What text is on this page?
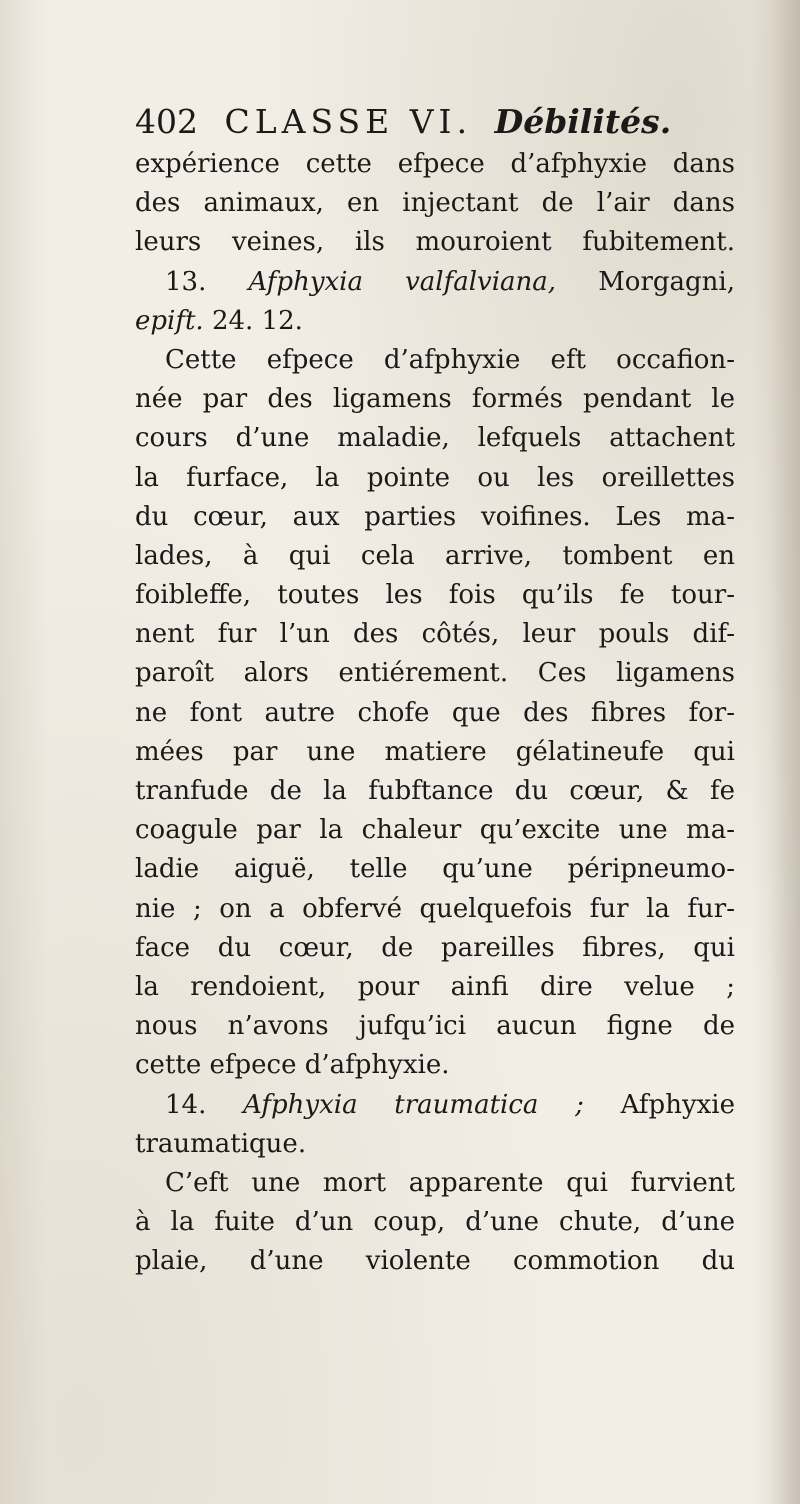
402 CLASSE VI. Débilités.
expérience cette efpece d’afphyxie dans
des animaux, en injectant de l’air dans
leurs veines, ils mouroient fubitement.
13. Afphyxia valfalviana, Morgagni,
epift. 24. 12.
Cette efpece d’afphyxie eft occafion-
née par des ligamens formés pendant le
cours d’une maladie, lefquels attachent
la furface, la pointe ou les oreillettes
du cœur, aux parties voifines. Les ma-
lades, à qui cela arrive, tombent en
foibleffe, toutes les fois qu’ils fe tour-
nent fur l’un des côtés, leur pouls dif-
paroît alors entiérement. Ces ligamens
ne font autre chofe que des fibres for-
mées par une matiere gélatineufe qui
tranfude de la fubftance du cœur, & fe
coagule par la chaleur qu’excite une ma-
ladie aiguë, telle qu’une péripneumo-
nie ; on a obfervé quelquefois fur la fur-
face du cœur, de pareilles fibres, qui
la rendoient, pour ainfi dire velue ;
nous n’avons jufqu’ici aucun figne de
cette efpece d’afphyxie.
14. Afphyxia traumatica ; Afphyxie
traumatique.
C’eft une mort apparente qui furvient
à la fuite d’un coup, d’une chute, d’une
plaie, d’une violente commotion du
